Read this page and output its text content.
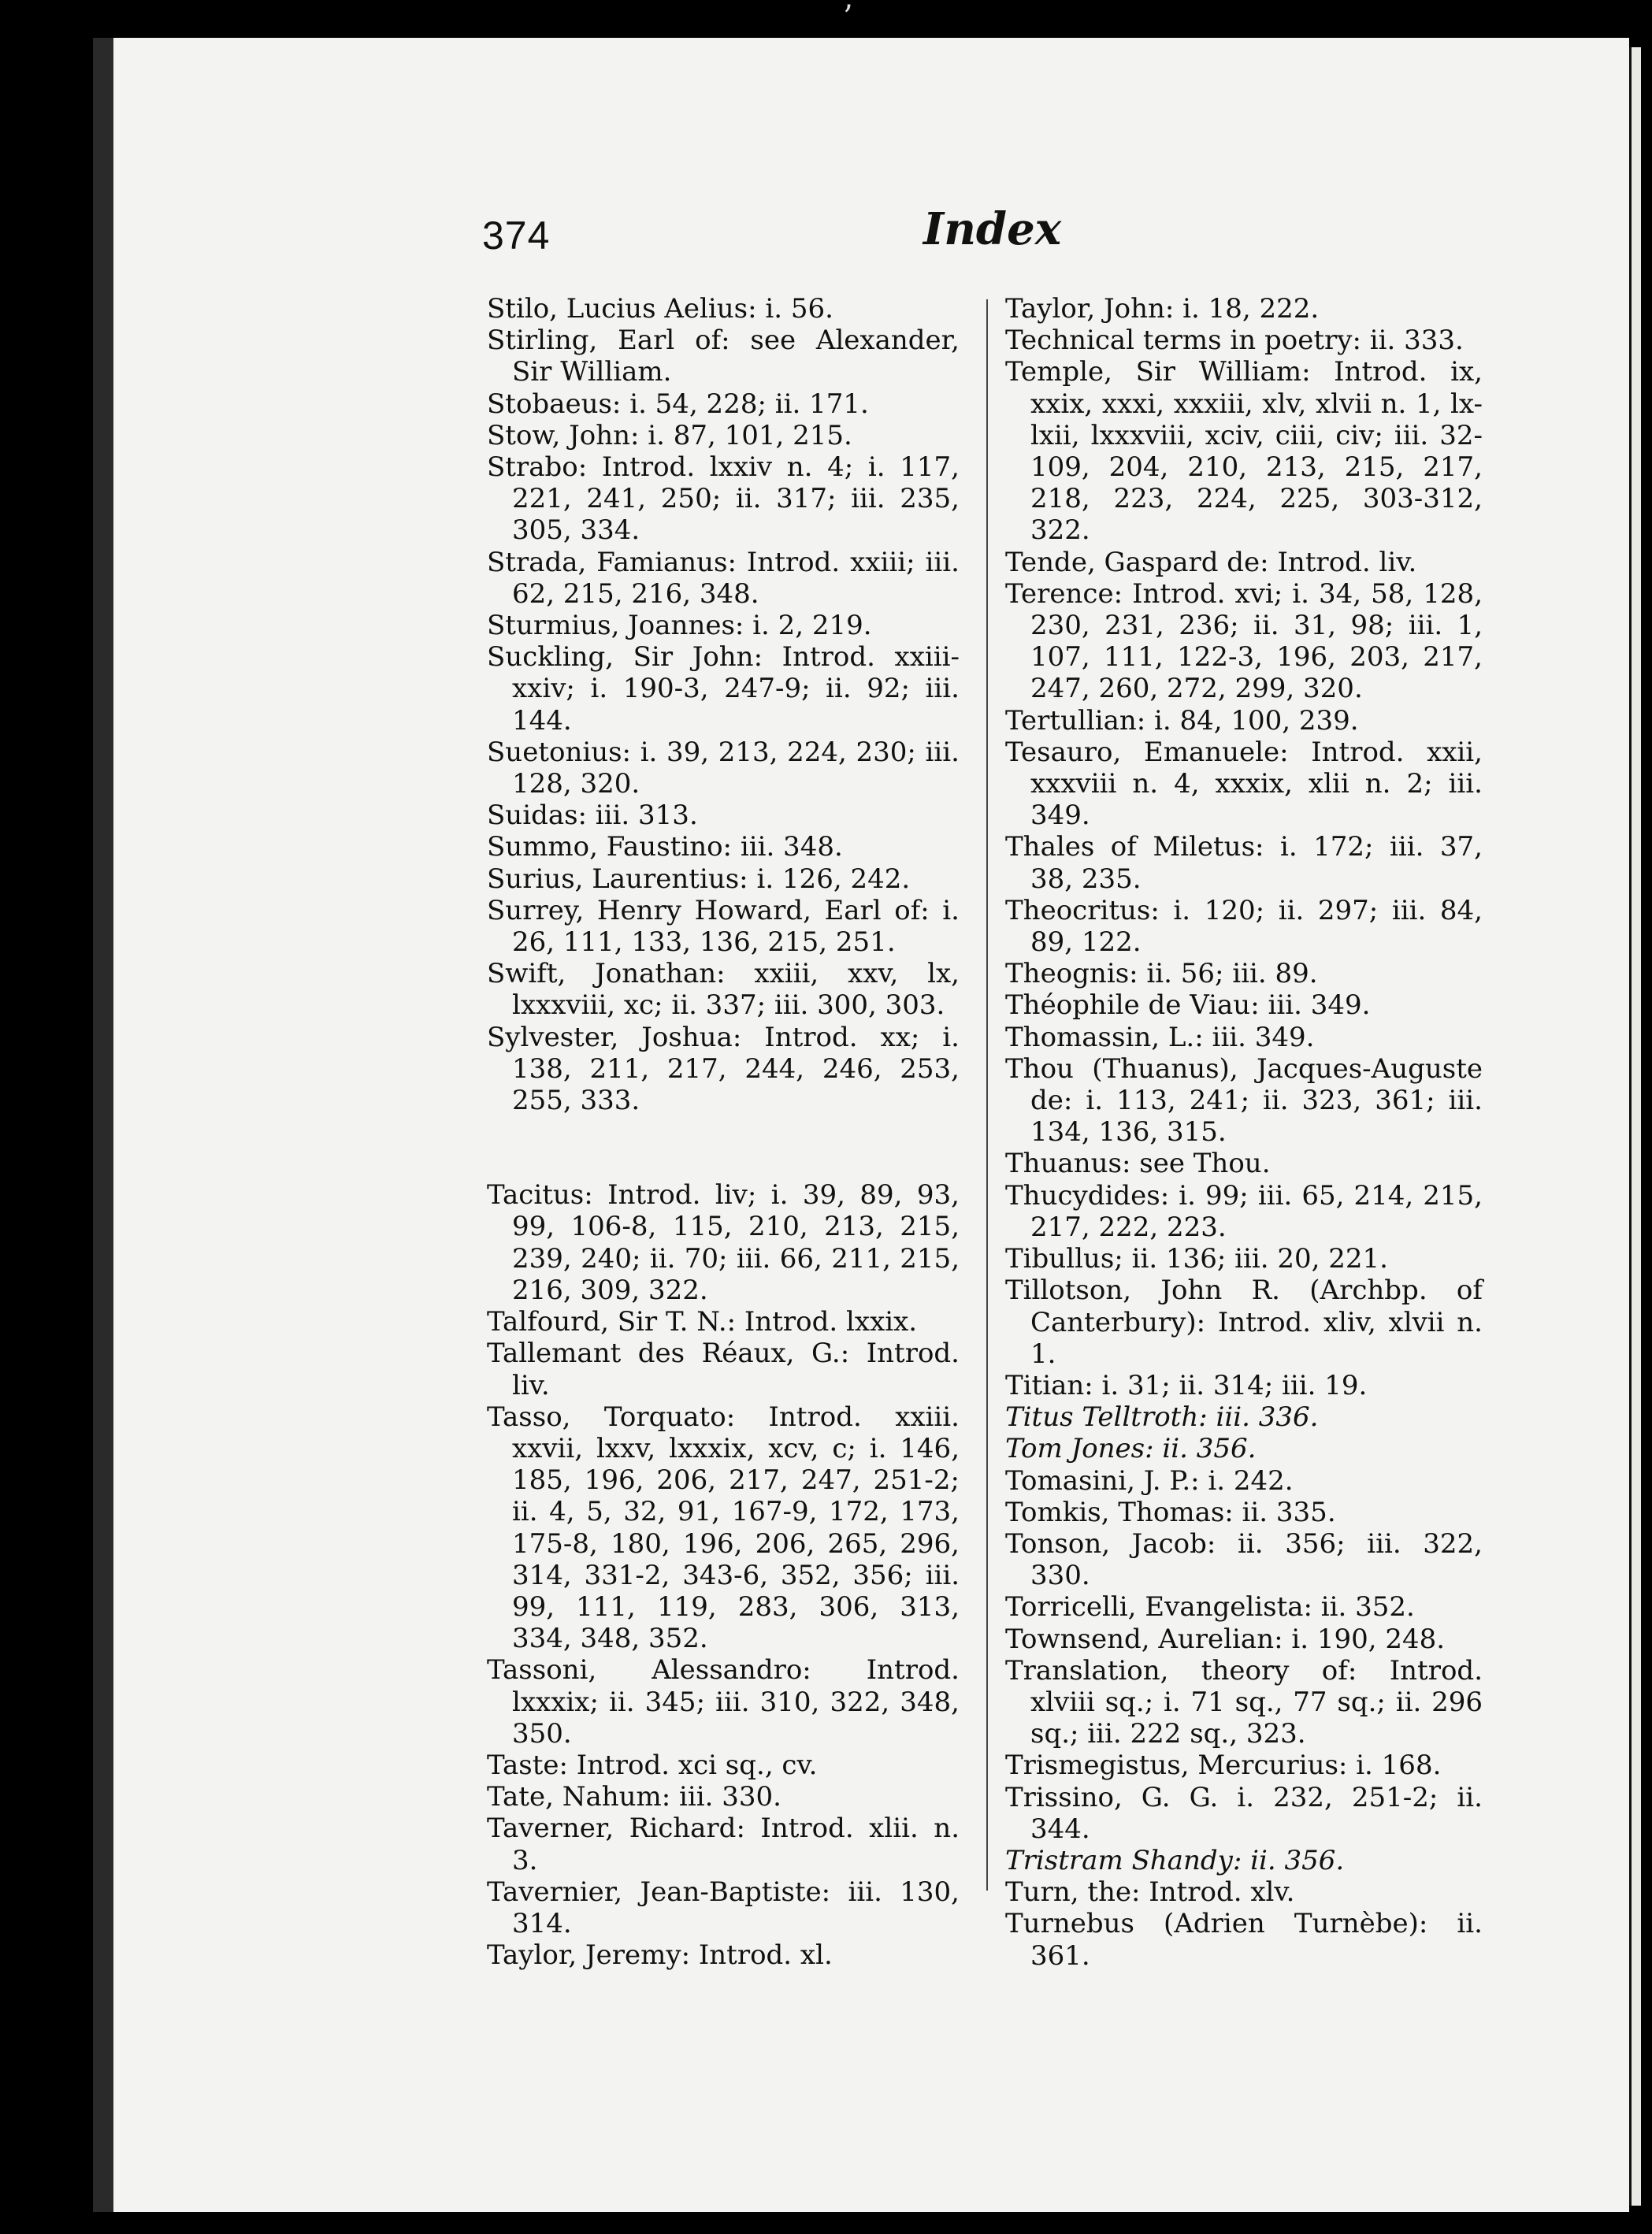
’
374	Index
Stilo, Lucius Aelius: i. 56.
Stirling, Earl of: see Alexander, Sir William.
Stobaeus: i. 54, 228; ii. 171.
Stow, John: i. 87, 101, 215.
Strabo: Introd. lxxiv n. 4; i. 117, 221, 241, 250; ii. 317; iii. 235, 305, 334.
Strada, Famianus: Introd. xxiii; iii. 62, 215, 216, 348.
Sturmius, Joannes: i. 2, 219.
Suckling, Sir John: Introd. xxiii-xxiv; i. 190-3, 247-9; ii. 92; iii. 144.
Suetonius: i. 39, 213, 224, 230; iii. 128, 320.
Suidas: iii. 313.
Summo, Faustino: iii. 348.
Surius, Laurentius: i. 126, 242.
Surrey, Henry Howard, Earl of: i. 26, 111, 133, 136, 215, 251.
Swift, Jonathan: xxiii, xxv, lx, lxxxviii, xc; ii. 337; iii. 300, 303.
Sylvester, Joshua: Introd. xx; i. 138, 211, 217, 244, 246, 253, 255, 333.
Tacitus: Introd. liv; i. 39, 89, 93, 99, 106-8, 115, 210, 213, 215, 239, 240; ii. 70; iii. 66, 211, 215, 216, 309, 322.
Talfourd, Sir T. N.: Introd. lxxix.
Tallemant des Réaux, G.: Introd. liv.
Tasso, Torquato: Introd. xxiii. xxvii, lxxv, lxxxix, xcv, c; i. 146, 185, 196, 206, 217, 247, 251-2; ii. 4, 5, 32, 91, 167-9, 172, 173, 175-8, 180, 196, 206, 265, 296, 314, 331-2, 343-6, 352, 356; iii. 99, 111, 119, 283, 306, 313, 334, 348, 352.
Tassoni, Alessandro: Introd. lxxxix; ii. 345; iii. 310, 322, 348, 350.
Taste: Introd. xci sq., cv.
Tate, Nahum: iii. 330.
Taverner, Richard: Introd. xlii. n. 3.
Tavernier, Jean-Baptiste: iii. 130, 314.
Taylor, Jeremy: Introd. xl.
Taylor, John: i. 18, 222.
Technical terms in poetry: ii. 333.
Temple, Sir William: Introd. ix, xxix, xxxi, xxxiii, xlv, xlvii n. 1, lx-lxii, lxxxviii, xciv, ciii, civ; iii. 32-109, 204, 210, 213, 215, 217, 218, 223, 224, 225, 303-312, 322.
Tende, Gaspard de: Introd. liv.
Terence: Introd. xvi; i. 34, 58, 128, 230, 231, 236; ii. 31, 98; iii. 1, 107, 111, 122-3, 196, 203, 217, 247, 260, 272, 299, 320.
Tertullian: i. 84, 100, 239.
Tesauro, Emanuele: Introd. xxii, xxxviii n. 4, xxxix, xlii n. 2; iii. 349.
Thales of Miletus: i. 172; iii. 37, 38, 235.
Theocritus: i. 120; ii. 297; iii. 84, 89, 122.
Theognis: ii. 56; iii. 89.
Théophile de Viau: iii. 349.
Thomassin, L.: iii. 349.
Thou (Thuanus), Jacques-Auguste de: i. 113, 241; ii. 323, 361; iii. 134, 136, 315.
Thuanus: see Thou.
Thucydides: i. 99; iii. 65, 214, 215, 217, 222, 223.
Tibullus; ii. 136; iii. 20, 221.
Tillotson, John R. (Archbp. of Canterbury): Introd. xliv, xlvii n. 1.
Titian: i. 31; ii. 314; iii. 19.
Titus Telltroth: iii. 336.
Tom Jones: ii. 356.
Tomasini, J. P.: i. 242.
Tomkis, Thomas: ii. 335.
Tonson, Jacob: ii. 356; iii. 322, 330.
Torricelli, Evangelista: ii. 352.
Townsend, Aurelian: i. 190, 248.
Translation, theory of: Introd. xlviii sq.; i. 71 sq., 77 sq.; ii. 296 sq.; iii. 222 sq., 323.
Trismegistus, Mercurius: i. 168.
Trissino, G. G. i. 232, 251-2; ii. 344.
Tristram Shandy: ii. 356.
Turn, the: Introd. xlv.
Turnebus (Adrien Turnèbe): ii. 361.
